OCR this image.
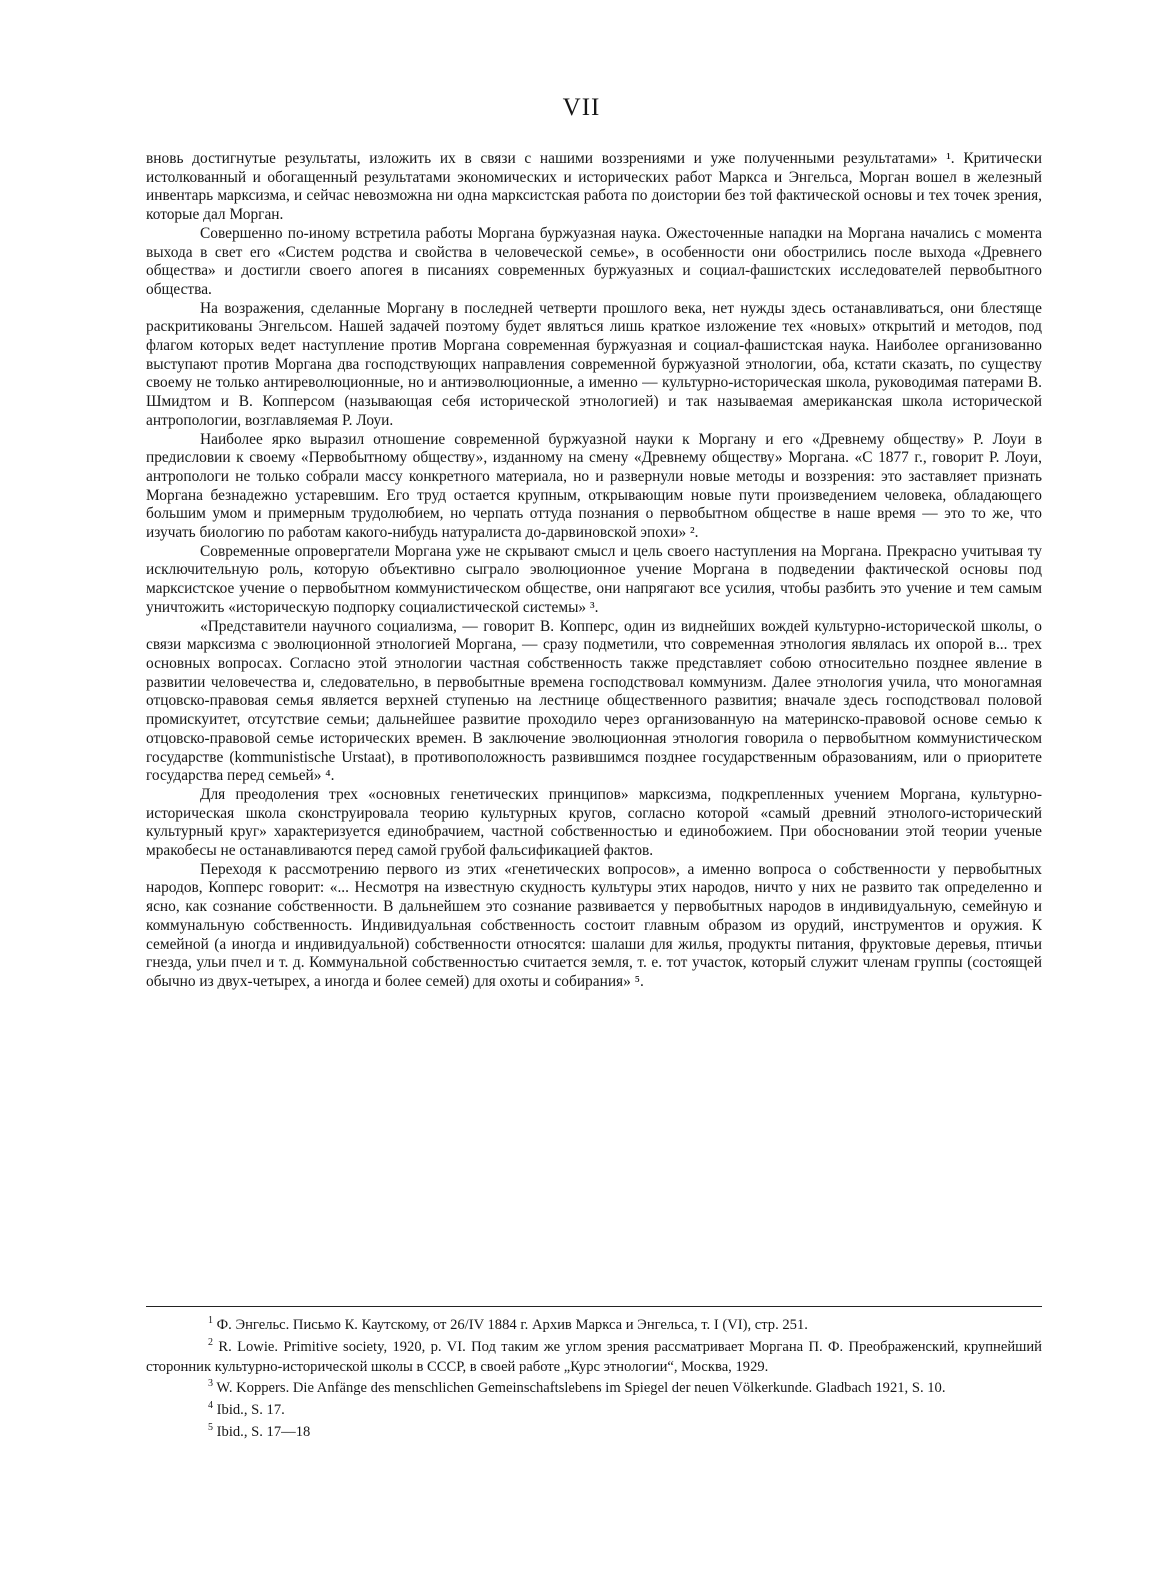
VII

вновь достигнутые результаты, изложить их в связи с нашими воззрениями и уже полученными результатами» ¹. Критически истолкованный и обогащенный результатами экономических и исторических работ Маркса и Энгельса, Морган вошел в железный инвентарь марксизма, и сейчас невозможна ни одна марксистская работа по доистории без той фактической основы и тех точек зрения, которые дал Морган.

Совершенно по-иному встретила работы Моргана буржуазная наука. Ожесточенные нападки на Моргана начались с момента выхода в свет его «Систем родства и свойства в человеческой семье», в особенности они обострились после выхода «Древнего общества» и достигли своего апогея в писаниях современных буржуазных и социал-фашистских исследователей первобытного общества.

На возражения, сделанные Моргану в последней четверти прошлого века, нет нужды здесь останавливаться, они блестяще раскритикованы Энгельсом. Нашей задачей поэтому будет являться лишь краткое изложение тех «новых» открытий и методов, под флагом которых ведет наступление против Моргана современная буржуазная и социал-фашистская наука. Наиболее организованно выступают против Моргана два господствующих направления современной буржуазной этнологии, оба, кстати сказать, по существу своему не только антиреволюционные, но и антиэволюционные, а именно — культурно-историческая школа, руководимая патерами В. Шмидтом и В. Копперсом (называющая себя исторической этнологией) и так называемая американская школа исторической антропологии, возглавляемая Р. Лоуи.

Наиболее ярко выразил отношение современной буржуазной науки к Моргану и его «Древнему обществу» Р. Лоуи в предисловии к своему «Первобытному обществу», изданному на смену «Древнему обществу» Моргана. «С 1877 г., говорит Р. Лоуи, антропологи не только собрали массу конкретного материала, но и развернули новые методы и воззрения: это заставляет признать Моргана безнадежно устаревшим. Его труд остается крупным, открывающим новые пути произведением человека, обладающего большим умом и примерным трудолюбием, но черпать оттуда познания о первобытном обществе в наше время — это то же, что изучать биологию по работам какого-нибудь натуралиста до-дарвиновской эпохи» ².

Современные опровергатели Моргана уже не скрывают смысл и цель своего наступления на Моргана. Прекрасно учитывая ту исключительную роль, которую объективно сыграло эволюционное учение Моргана в подведении фактической основы под марксистское учение о первобытном коммунистическом обществе, они напрягают все усилия, чтобы разбить это учение и тем самым уничтожить «историческую подпорку социалистической системы» ³.

«Представители научного социализма, — говорит В. Копперс, один из виднейших вождей культурно-исторической школы, о связи марксизма с эволюционной этнологией Моргана, — сразу подметили, что современная этнология являлась их опорой в... трех основных вопросах. Согласно этой этнологии частная собственность также представляет собою относительно позднее явление в развитии человечества и, следовательно, в первобытные времена господствовал коммунизм. Далее этнология учила, что моногамная отцовско-правовая семья является верхней ступенью на лестнице общественного развития; вначале здесь господствовал половой промискуитет, отсутствие семьи; дальнейшее развитие проходило через организованную на материнско-правовой основе семью к отцовско-правовой семье исторических времен. В заключение эволюционная этнология говорила о первобытном коммунистическом государстве (kommunistische Urstaat), в противоположность развившимся позднее государственным образованиям, или о приоритете государства перед семьей» ⁴.

Для преодоления трех «основных генетических принципов» марксизма, подкрепленных учением Моргана, культурно-историческая школа сконструировала теорию культурных кругов, согласно которой «самый древний этнолого-исторический культурный круг» характеризуется единобрачием, частной собственностью и единобожием. При обосновании этой теории ученые мракобесы не останавливаются перед самой грубой фальсификацией фактов.

Переходя к рассмотрению первого из этих «генетических вопросов», а именно вопроса о собственности у первобытных народов, Копперс говорит: «... Несмотря на известную скудность культуры этих народов, ничто у них не развито так определенно и ясно, как сознание собственности. В дальнейшем это сознание развивается у первобытных народов в индивидуальную, семейную и коммунальную собственность. Индивидуальная собственность состоит главным образом из орудий, инструментов и оружия. К семейной (а иногда и индивидуальной) собственности относятся: шалаши для жилья, продукты питания, фруктовые деревья, птичьи гнезда, ульи пчел и т. д. Коммунальной собственностью считается земля, т. е. тот участок, который служит членам группы (состоящей обычно из двух-четырех, а иногда и более семей) для охоты и собирания» ⁵.

$^1$ Ф. Энгельс. Письмо К. Каутскому, от 26/IV 1884 г. Архив Маркса и Энгельса, т. I (VI), стр. 251.

$^2$ R. Lowie. Primitive society, 1920, p. VI. Под таким же углом зрения рассматривает Моргана П. Ф. Преображенский, крупнейший сторонник культурно-исторической школы в СССР, в своей работе „Курс этнологии“, Москва, 1929.

$^3$ W. Koppers. Die Anfänge des menschlichen Gemeinschaftslebens im Spiegel der neuen Völkerkunde. Gladbach 1921, S. 10.

$^4$ Ibid., S. 17.

$^5$ Ibid., S. 17—18
